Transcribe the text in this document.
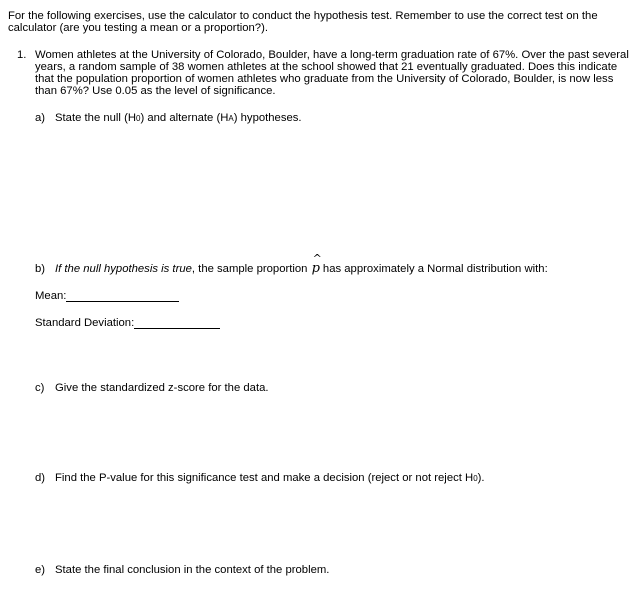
For the following exercises, use the calculator to conduct the hypothesis test. Remember to use the correct test on the calculator (are you testing a mean or a proportion?).
1. Women athletes at the University of Colorado, Boulder, have a long-term graduation rate of 67%. Over the past several years, a random sample of 38 women athletes at the school showed that 21 eventually graduated. Does this indicate that the population proportion of women athletes who graduate from the University of Colorado, Boulder, is now less than 67%? Use 0.05 as the level of significance.
a) State the null (H0) and alternate (HA) hypotheses.
b) If the null hypothesis is true, the sample proportion
^
p has approximately a Normal distribution with:
Mean:
Standard Deviation:
c) Give the standardized z-score for the data.
d) Find the P-value for this significance test and make a decision (reject or not reject H0).
e) State the final conclusion in the context of the problem.
